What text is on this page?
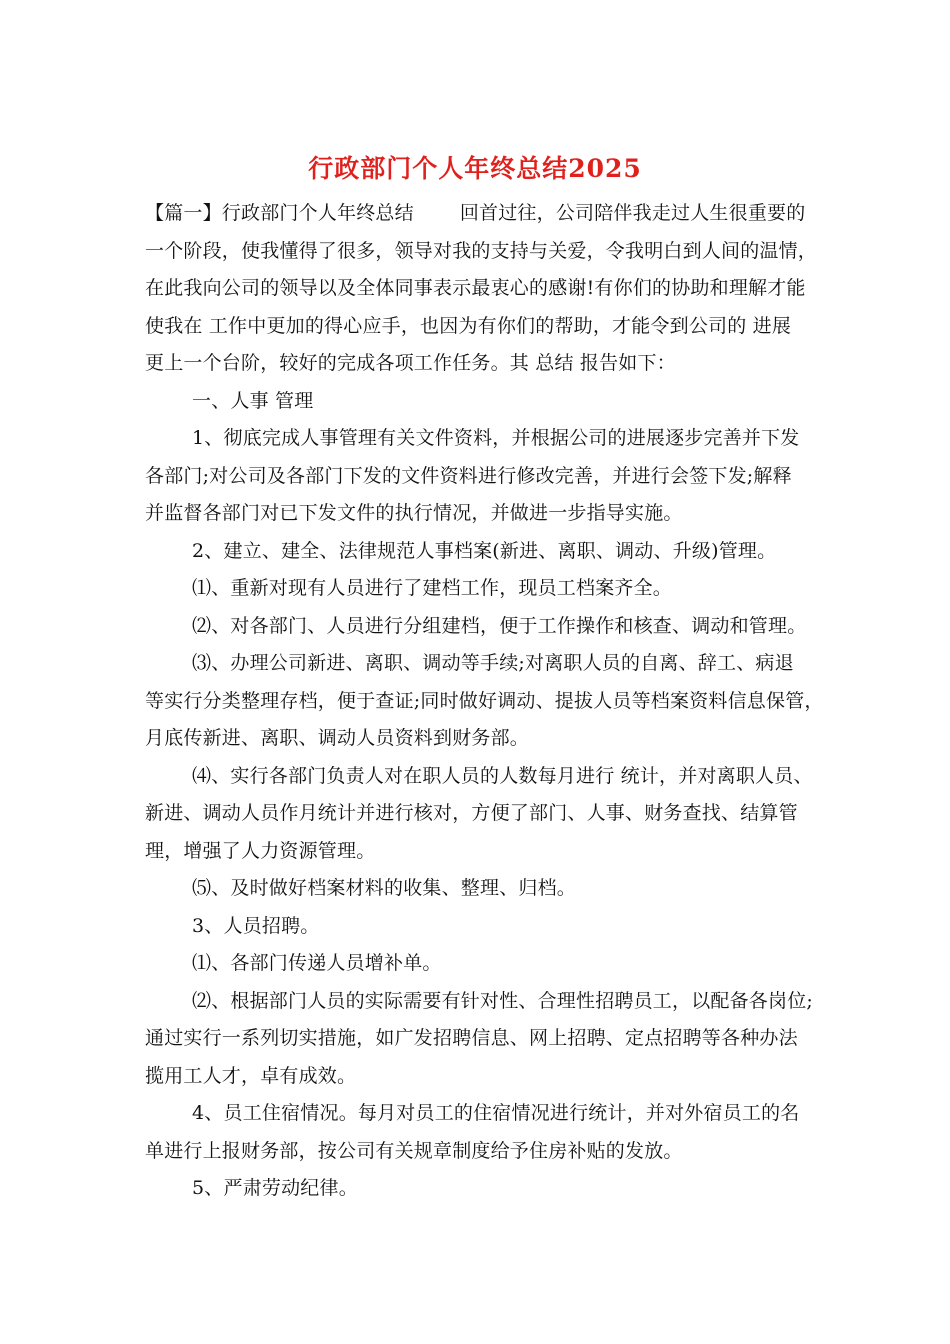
行政部门个人年终总结2025
【篇一】行政部门个人年终总结 回首过往，公司陪伴我走过人生很重要的
一个阶段，使我懂得了很多，领导对我的支持与关爱，令我明白到人间的温情，
在此我向公司的领导以及全体同事表示最衷心的感谢!有你们的协助和理解才能
使我在 工作中更加的得心应手，也因为有你们的帮助，才能令到公司的 进展
更上一个台阶，较好的完成各项工作任务。其 总结 报告如下：
一、人事 管理
1、彻底完成人事管理有关文件资料，并根据公司的进展逐步完善并下发
各部门;对公司及各部门下发的文件资料进行修改完善，并进行会签下发;解释
并监督各部门对已下发文件的执行情况，并做进一步指导实施。
2、建立、建全、法律规范人事档案(新进、离职、调动、升级)管理。
⑴、重新对现有人员进行了建档工作，现员工档案齐全。
⑵、对各部门、人员进行分组建档，便于工作操作和核查、调动和管理。
⑶、办理公司新进、离职、调动等手续;对离职人员的自离、辞工、病退
等实行分类整理存档，便于查证;同时做好调动、提拔人员等档案资料信息保管，
月底传新进、离职、调动人员资料到财务部。
⑷、实行各部门负责人对在职人员的人数每月进行 统计，并对离职人员、
新进、调动人员作月统计并进行核对，方便了部门、人事、财务查找、结算管
理，增强了人力资源管理。
⑸、及时做好档案材料的收集、整理、归档。
3、人员招聘。
⑴、各部门传递人员增补单。
⑵、根据部门人员的实际需要有针对性、合理性招聘员工，以配备各岗位;
通过实行一系列切实措施，如广发招聘信息、网上招聘、定点招聘等各种办法
揽用工人才，卓有成效。
4、员工住宿情况。每月对员工的住宿情况进行统计，并对外宿员工的名
单进行上报财务部，按公司有关规章制度给予住房补贴的发放。
5、严肃劳动纪律。
